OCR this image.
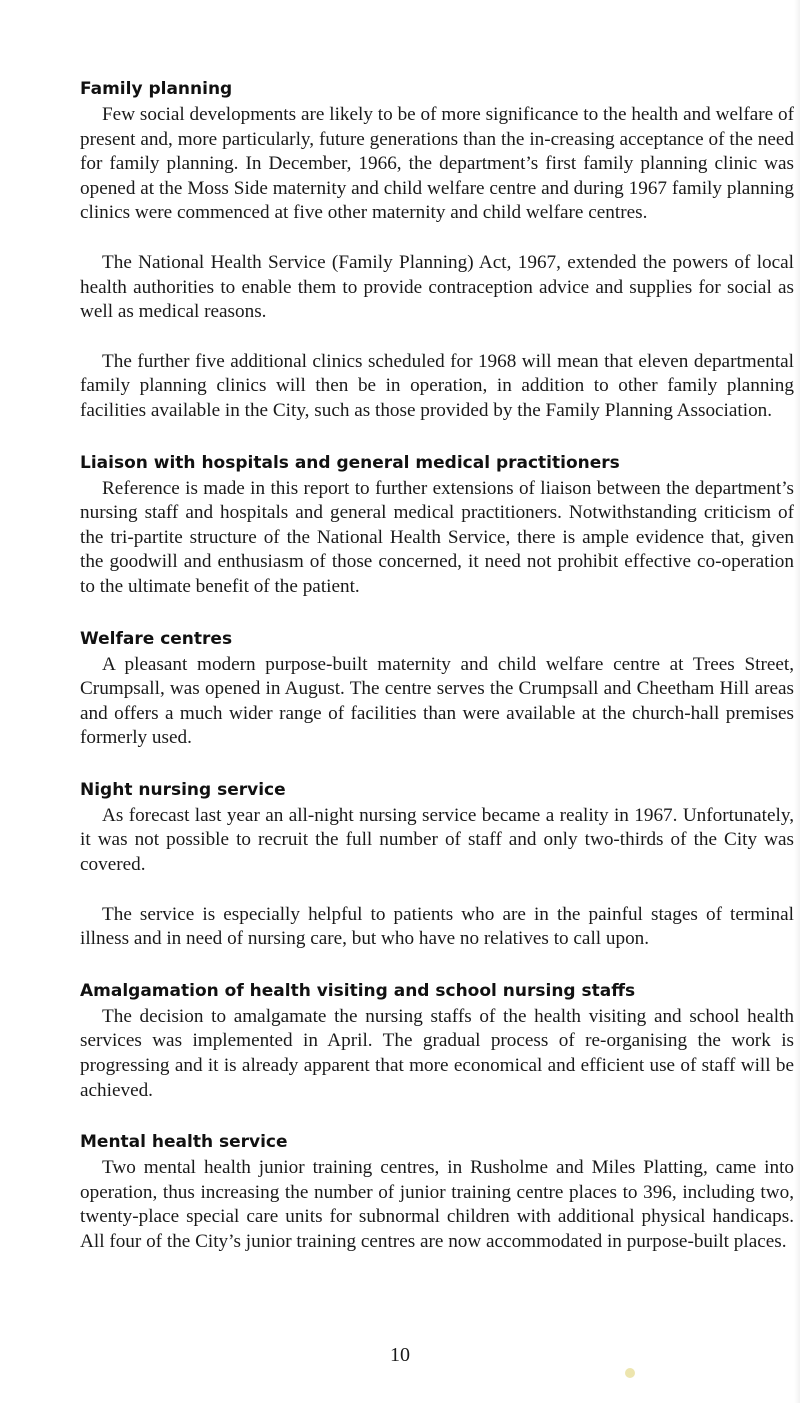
Family planning

Few social developments are likely to be of more significance to the health and welfare of present and, more particularly, future generations than the in-creasing acceptance of the need for family planning. In December, 1966, the department’s first family planning clinic was opened at the Moss Side maternity and child welfare centre and during 1967 family planning clinics were commenced at five other maternity and child welfare centres.

The National Health Service (Family Planning) Act, 1967, extended the powers of local health authorities to enable them to provide contraception advice and supplies for social as well as medical reasons.

The further five additional clinics scheduled for 1968 will mean that eleven departmental family planning clinics will then be in operation, in addition to other family planning facilities available in the City, such as those provided by the Family Planning Association.

Liaison with hospitals and general medical practitioners

Reference is made in this report to further extensions of liaison between the department’s nursing staff and hospitals and general medical practitioners. Notwithstanding criticism of the tri-partite structure of the National Health Service, there is ample evidence that, given the goodwill and enthusiasm of those concerned, it need not prohibit effective co-operation to the ultimate benefit of the patient.

Welfare centres

A pleasant modern purpose-built maternity and child welfare centre at Trees Street, Crumpsall, was opened in August. The centre serves the Crumpsall and Cheetham Hill areas and offers a much wider range of facilities than were available at the church-hall premises formerly used.

Night nursing service

As forecast last year an all-night nursing service became a reality in 1967. Unfortunately, it was not possible to recruit the full number of staff and only two-thirds of the City was covered.

The service is especially helpful to patients who are in the painful stages of terminal illness and in need of nursing care, but who have no relatives to call upon.

Amalgamation of health visiting and school nursing staffs

The decision to amalgamate the nursing staffs of the health visiting and school health services was implemented in April. The gradual process of re-organising the work is progressing and it is already apparent that more economical and efficient use of staff will be achieved.

Mental health service

Two mental health junior training centres, in Rusholme and Miles Platting, came into operation, thus increasing the number of junior training centre places to 396, including two, twenty-place special care units for subnormal children with additional physical handicaps. All four of the City’s junior training centres are now accommodated in purpose-built places.

10
